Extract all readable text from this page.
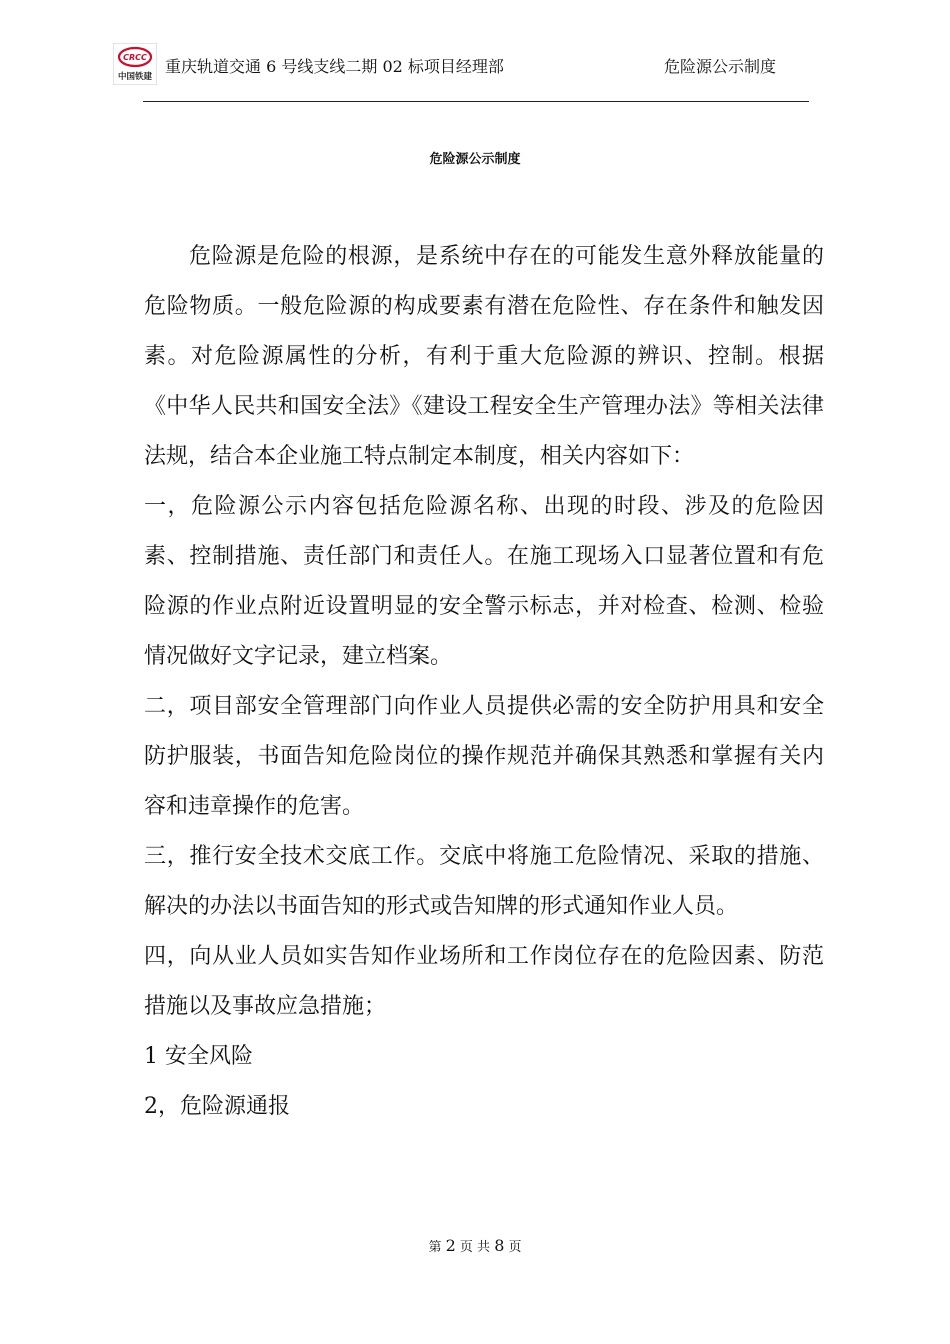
CRCC
中国铁建
重庆轨道交通 6 号线支线二期 02 标项目经理部	危险源公示制度
危险源公示制度

危险源是危险的根源，是系统中存在的可能发生意外释放能量的危险物质。一般危险源的构成要素有潜在危险性、存在条件和触发因素。对危险源属性的分析，有利于重大危险源的辨识、控制。根据《中华人民共和国安全法》《建设工程安全生产管理办法》等相关法律法规，结合本企业施工特点制定本制度，相关内容如下：

一，危险源公示内容包括危险源名称、出现的时段、涉及的危险因素、控制措施、责任部门和责任人。在施工现场入口显著位置和有危险源的作业点附近设置明显的安全警示标志，并对检查、检测、检验情况做好文字记录，建立档案。

二，项目部安全管理部门向作业人员提供必需的安全防护用具和安全防护服装，书面告知危险岗位的操作规范并确保其熟悉和掌握有关内容和违章操作的危害。

三，推行安全技术交底工作。交底中将施工危险情况、采取的措施、解决的办法以书面告知的形式或告知牌的形式通知作业人员。

四，向从业人员如实告知作业场所和工作岗位存在的危险因素、防范措施以及事故应急措施；

1 安全风险

2，危险源通报

第 2 页 共 8 页
